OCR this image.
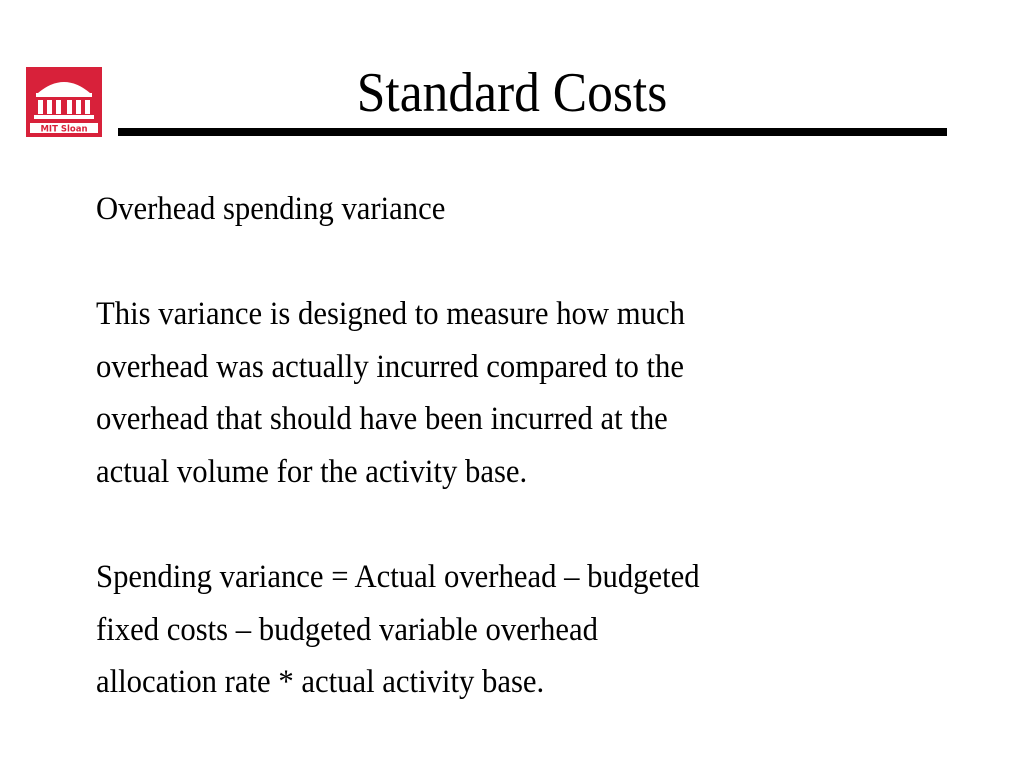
MIT Sloan
Standard Costs

Overhead spending variance

This variance is designed to measure how much
overhead was actually incurred compared to the
overhead that should have been incurred at the
actual volume for the activity base.

Spending variance = Actual overhead – budgeted
fixed costs – budgeted variable overhead
allocation rate * actual activity base.
